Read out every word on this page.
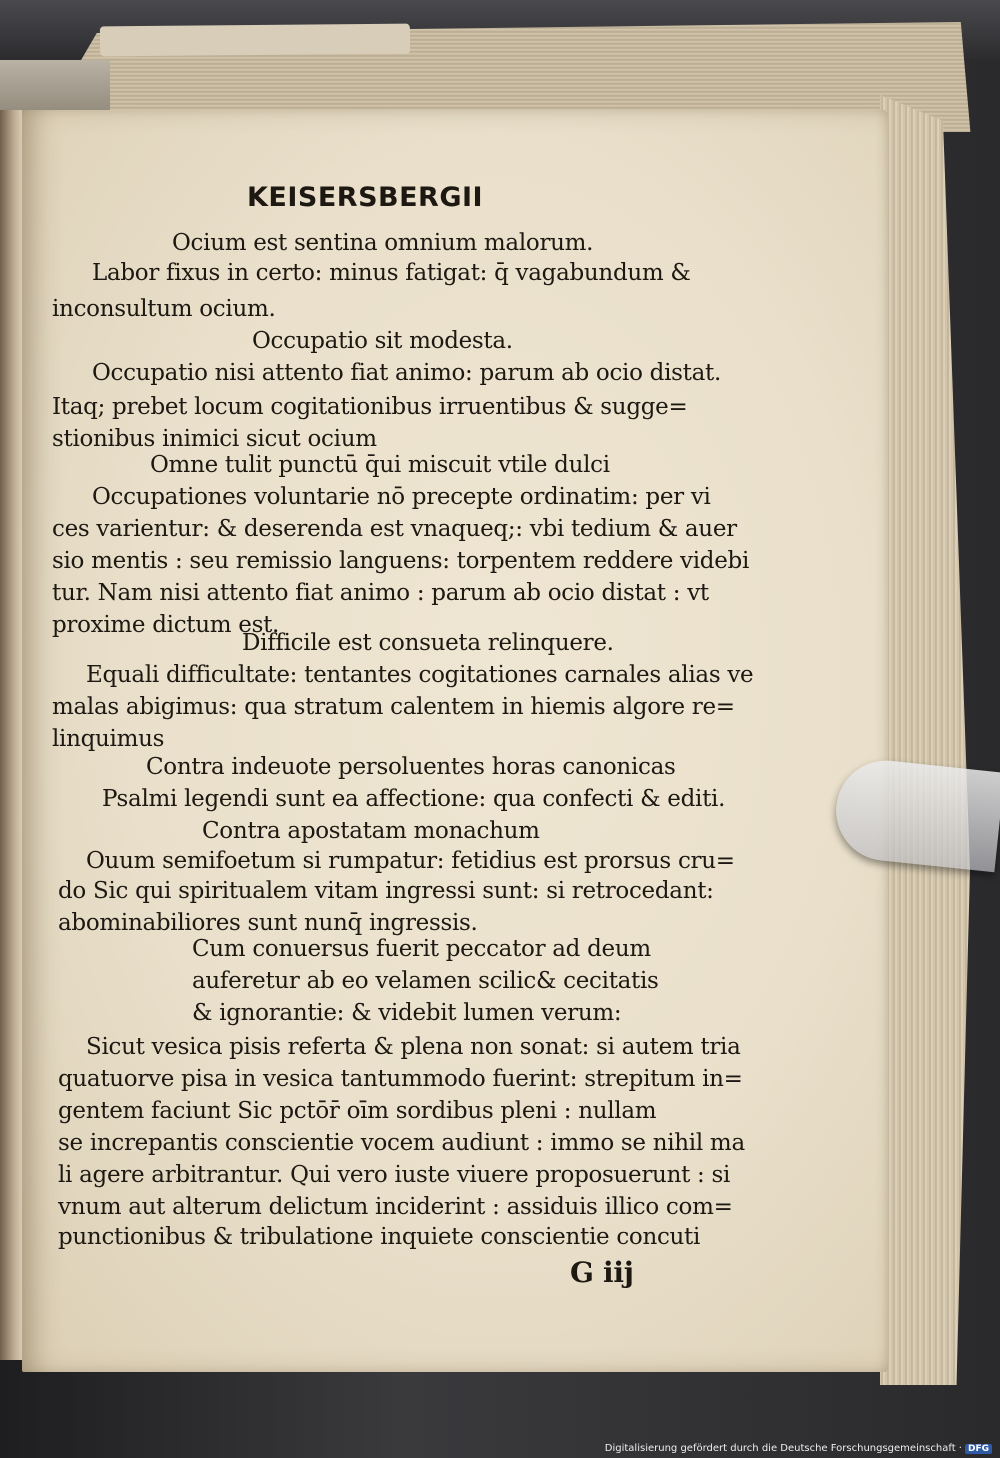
KEISERSBERGII
Ocium est sentina omnium malorum.
Labor fixus in certo: minus fatigat: q̄ vagabundum &
inconsultum ocium.
Occupatio sit modesta.
Occupatio nisi attento fiat animo: parum ab ocio distat.
Itaq; prebet locum cogitationibus irruentibus & sugge=
stionibus inimici sicut ocium
Omne tulit punctū q̄ui miscuit vtile dulci
Occupationes voluntarie nō precepte ordinatim: per vi
ces varientur: & deserenda est vnaqueq;: vbi tedium & auer
sio mentis : seu remissio languens: torpentem reddere videbi
tur. Nam nisi attento fiat animo : parum ab ocio distat : vt
proxime dictum est.
Difficile est consueta relinquere.
Equali difficultate: tentantes cogitationes carnales alias ve
malas abigimus: qua stratum calentem in hiemis algore re=
linquimus
Contra indeuote persoluentes horas canonicas
Psalmi legendi sunt ea affectione: qua confecti & editi.
Contra apostatam monachum
Ouum semifoetum si rumpatur: fetidius est prorsus cru=
do Sic qui spiritualem vitam ingressi sunt: si retrocedant:
abominabiliores sunt nunq̄ ingressis.
Cum conuersus fuerit peccator ad deum
auferetur ab eo velamen scilic& cecitatis
& ignorantie: & videbit lumen verum:
Sicut vesica pisis referta & plena non sonat: si autem tria
quatuorve pisa in vesica tantummodo fuerint: strepitum in=
gentem faciunt Sic pctōr̄ oīm sordibus pleni : nullam
se increpantis conscientie vocem audiunt : immo se nihil ma
li agere arbitrantur. Qui vero iuste viuere proposuerunt : si
vnum aut alterum delictum inciderint : assiduis illico com=
punctionibus & tribulatione inquiete conscientie concuti
G iij
Digitalisierung gefördert durch die Deutsche Forschungsgemeinschaft · DFG
